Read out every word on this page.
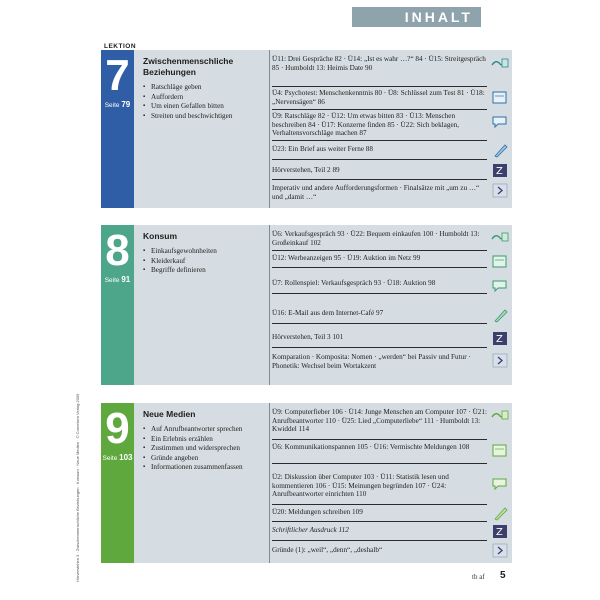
INHALT
LEKTION
Hörverstehen 3 · Zwischenmenschliche Beziehungen · Konsum · Neue Medien · © Cornelsen Verlag 2009
7
Seite 79
Zwischenmenschliche Beziehungen
▪ Ratschläge geben
▪ Auffordern
▪ Um einen Gefallen bitten
▪ Streiten und beschwichtigen
Ü11: Drei Gespräche 82 · Ü14: „Ist es wahr …?“ 84 · Ü15: Streitgespräch 85 · Humboldt 13: Heimis Date 90
Ü4: Psychotest: Menschenkenntnis 80 · Ü8: Schlüssel zum Test 81 · Ü18: „Nervensägen“ 86
Ü9: Ratschläge 82 · Ü12: Um etwas bitten 83 · Ü13: Menschen beschreiben 84 · Ü17: Konzerne finden 85 · Ü22: Sich beklagen, Verhaltensvorschläge machen 87
Ü23: Ein Brief aus weiter Ferne 88
Hörverstehen, Teil 2 89
Imperativ und andere Aufforderungsformen · Finalsätze mit „um zu …“ und „damit …“
Z
8
Seite 91
Konsum
▪ Einkaufsgewohnheiten
▪ Kleiderkauf
▪ Begriffe definieren
Ü6: Verkaufsgespräch 93 · Ü22: Bequem einkaufen 100 · Humboldt 13: Großeinkauf 102
Ü12: Werbeanzeigen 95 · Ü19: Auktion im Netz 99
Ü7: Rollenspiel: Verkaufsgespräch 93 · Ü18: Auktion 98
Ü16: E-Mail aus dem Internet-Café 97
Hörverstehen, Teil 3 101
Komparation · Komposita: Nomen · „werden“ bei Passiv und Futur · Phonetik: Wechsel beim Wortakzent
Z
9
Seite 103
Neue Medien
▪ Auf Anrufbeantworter sprechen
▪ Ein Erlebnis erzählen
▪ Zustimmen und widersprechen
▪ Gründe angeben
▪ Informationen zusammenfassen
Ü9: Computerfieber 106 · Ü14: Junge Menschen am Computer 107 · Ü21: Anrufbeantworter 110 · Ü25: Lied „Computerliebe“ 111 · Humboldt 13: Kwiddel 114
Ü6: Kommunikationspannen 105 · Ü16: Vermischte Meldungen 108
Ü2: Diskussion über Computer 103 · Ü11: Statistik lesen und kommentieren 106 · Ü15: Meinungen begründen 107 · Ü24: Anrufbeantworter einrichten 110
Ü20: Meldungen schreiben 109
Schriftlicher Ausdruck 112
Gründe (1): „weil“, „denn“, „deshalb“
Z
tb af 5
